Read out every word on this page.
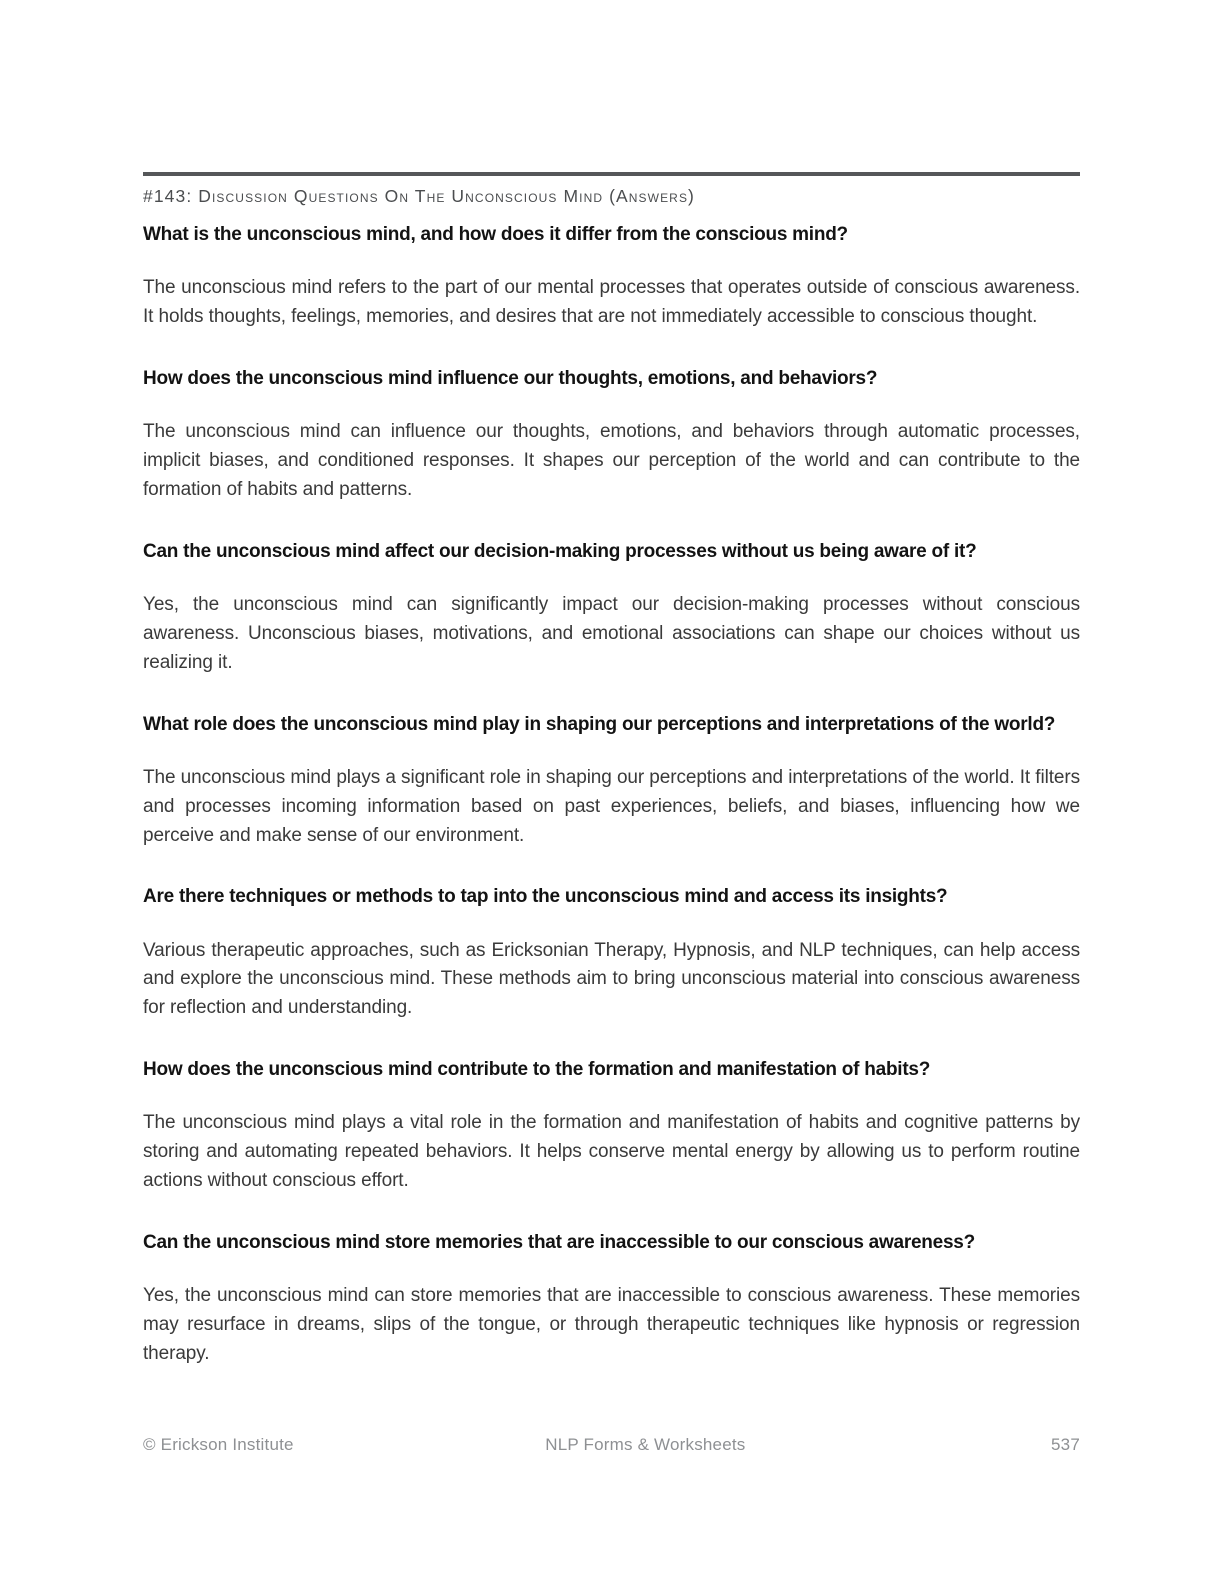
#143: Discussion Questions On The Unconscious Mind (Answers)
What is the unconscious mind, and how does it differ from the conscious mind?

The unconscious mind refers to the part of our mental processes that operates outside of conscious awareness. It holds thoughts, feelings, memories, and desires that are not immediately accessible to conscious thought.

How does the unconscious mind influence our thoughts, emotions, and behaviors?

The unconscious mind can influence our thoughts, emotions, and behaviors through automatic processes, implicit biases, and conditioned responses. It shapes our perception of the world and can contribute to the formation of habits and patterns.

Can the unconscious mind affect our decision-making processes without us being aware of it?

Yes, the unconscious mind can significantly impact our decision-making processes without conscious awareness. Unconscious biases, motivations, and emotional associations can shape our choices without us realizing it.

What role does the unconscious mind play in shaping our perceptions and interpretations of the world?

The unconscious mind plays a significant role in shaping our perceptions and interpretations of the world. It filters and processes incoming information based on past experiences, beliefs, and biases, influencing how we perceive and make sense of our environment.

Are there techniques or methods to tap into the unconscious mind and access its insights?

Various therapeutic approaches, such as Ericksonian Therapy, Hypnosis, and NLP techniques, can help access and explore the unconscious mind. These methods aim to bring unconscious material into conscious awareness for reflection and understanding.

How does the unconscious mind contribute to the formation and manifestation of habits?

The unconscious mind plays a vital role in the formation and manifestation of habits and cognitive patterns by storing and automating repeated behaviors. It helps conserve mental energy by allowing us to perform routine actions without conscious effort.

Can the unconscious mind store memories that are inaccessible to our conscious awareness?

Yes, the unconscious mind can store memories that are inaccessible to conscious awareness. These memories may resurface in dreams, slips of the tongue, or through therapeutic techniques like hypnosis or regression therapy.

© Erickson Institute	NLP Forms & Worksheets	537
